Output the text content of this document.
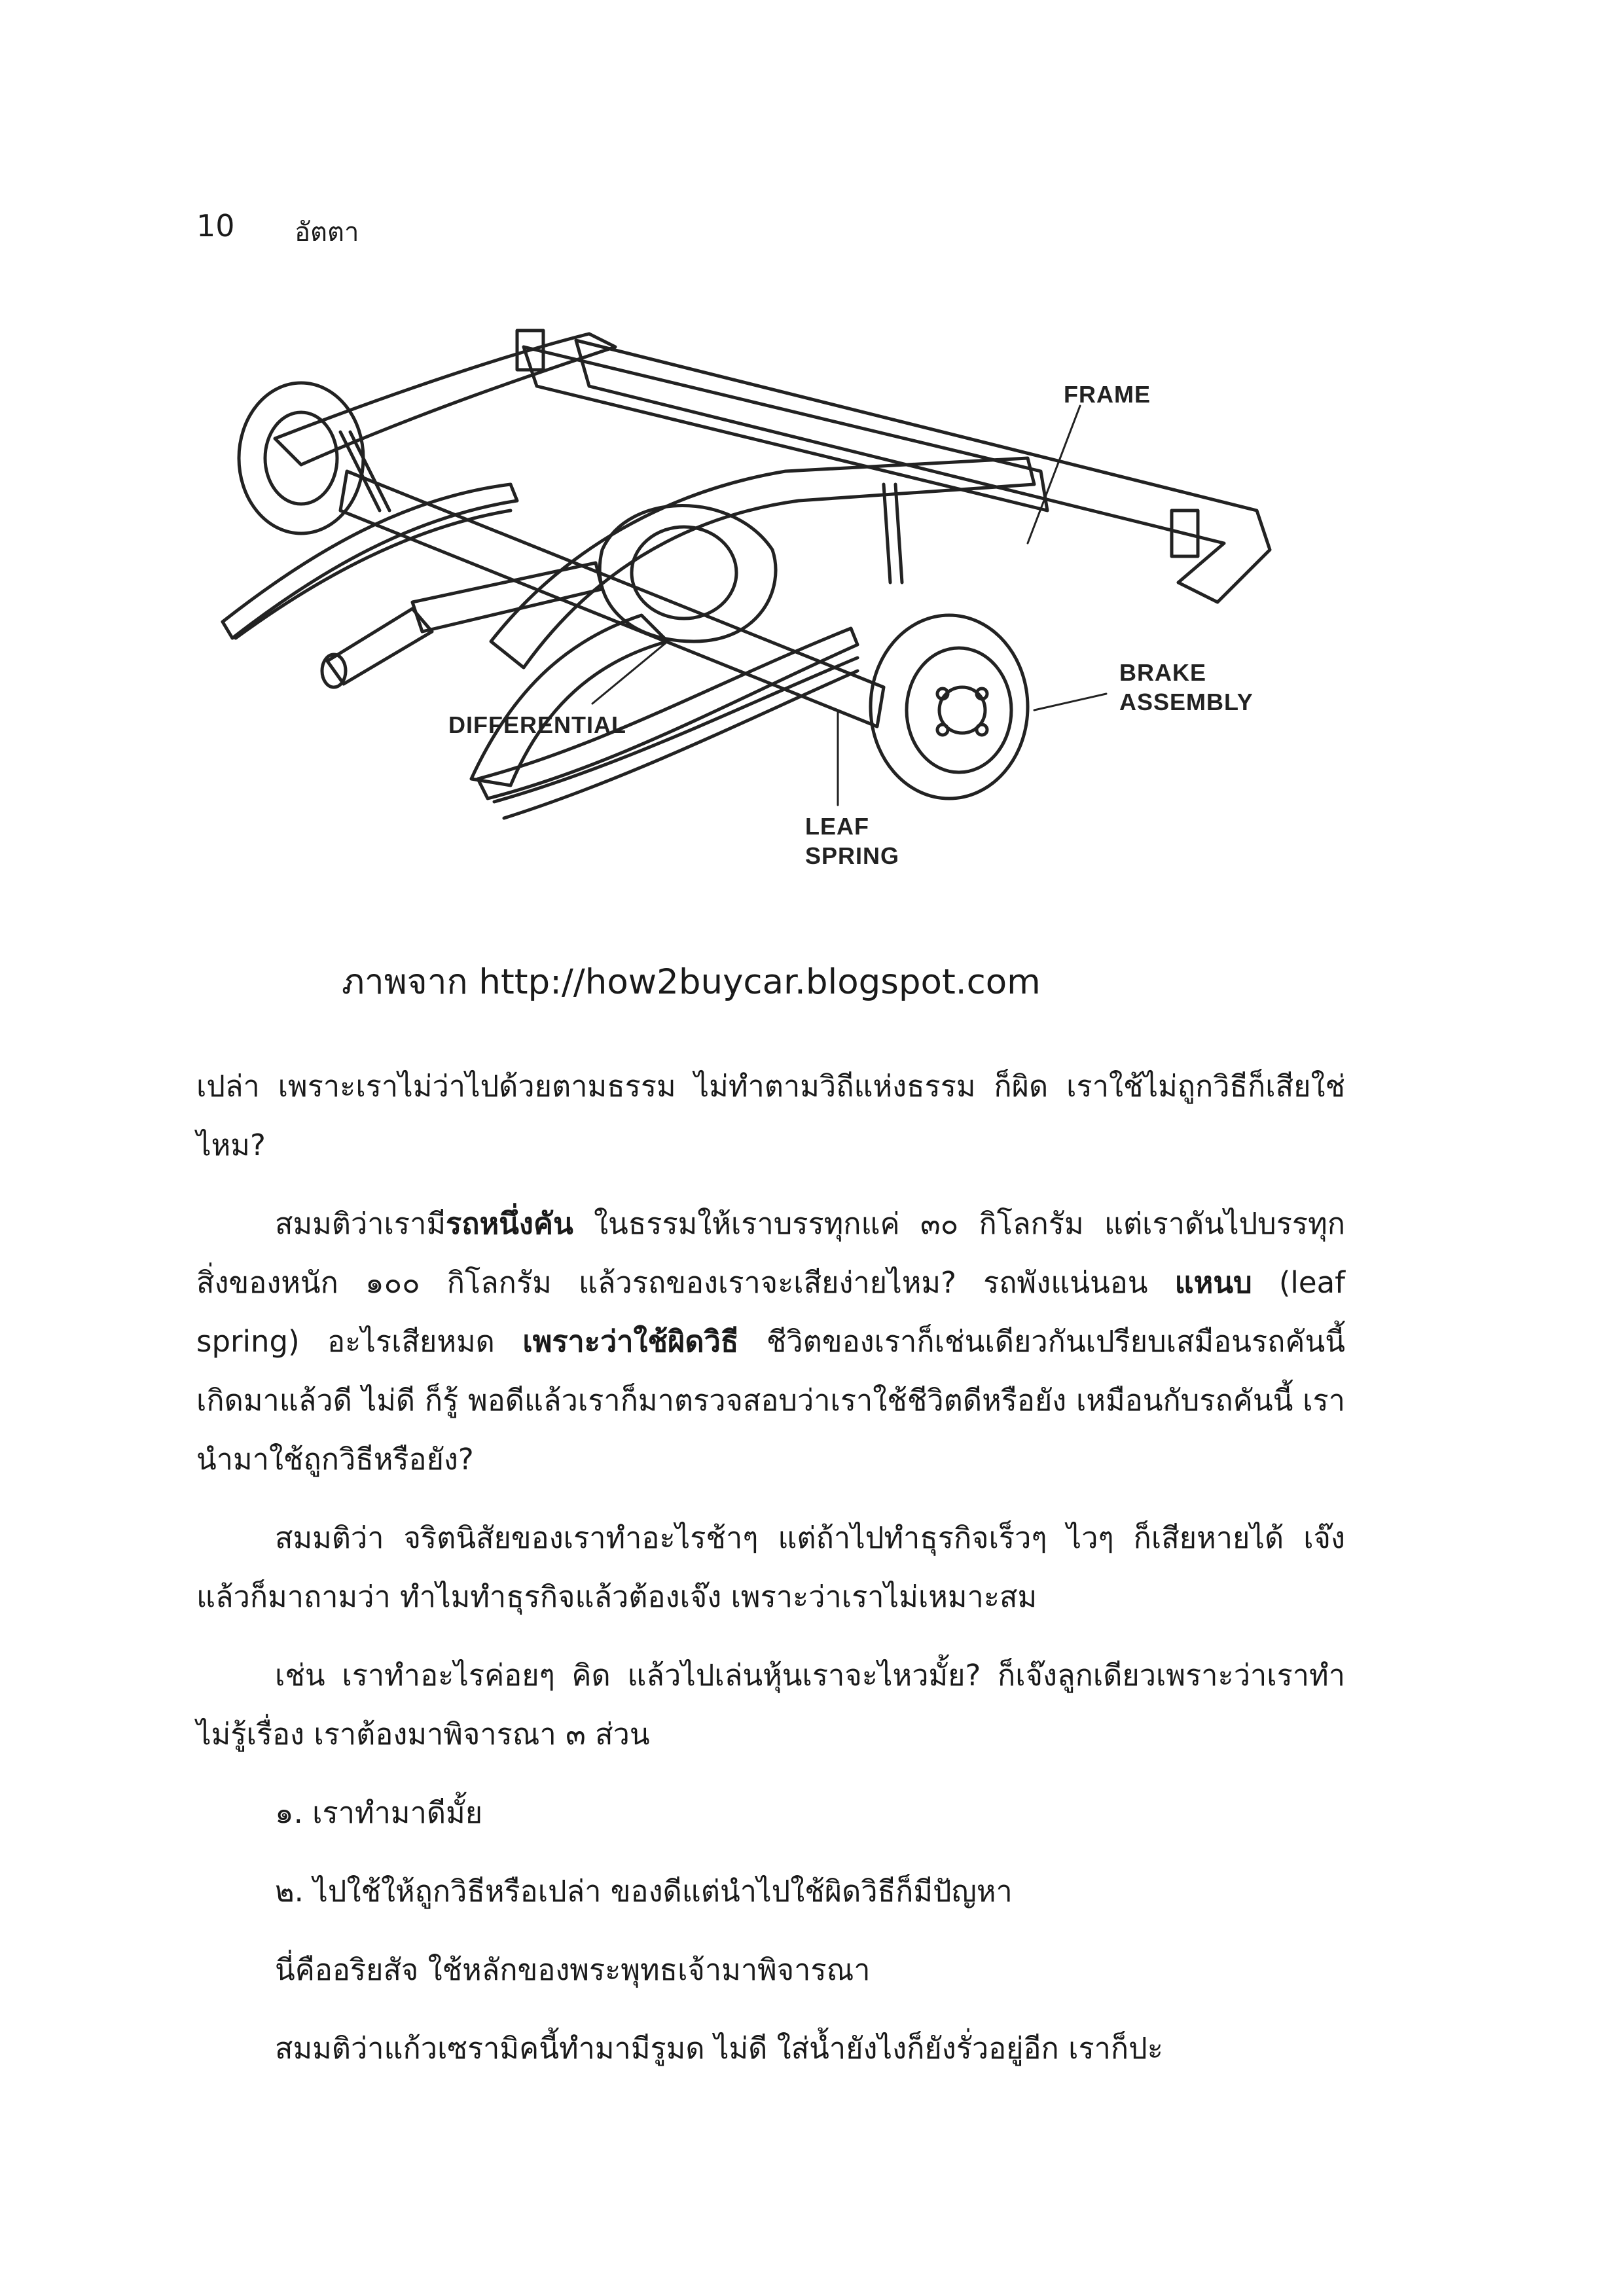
10 อัตตา
FRAME
BRAKE
ASSEMBLY
DIFFERENTIAL
LEAF
SPRING
ภาพจาก http://how2buycar.blogspot.com

เปล่า เพราะเราไม่ว่าไปด้วยตามธรรม ไม่ทำตามวิถีแห่งธรรม ก็ผิด เราใช้ไม่ถูกวิธีก็เสียใช่ไหม?

สมมติว่าเรามีรถหนึ่งคัน ในธรรมให้เราบรรทุกแค่ ๓๐ กิโลกรัม แต่เราดันไปบรรทุกสิ่งของหนัก ๑๐๐ กิโลกรัม แล้วรถของเราจะเสียง่ายไหม? รถพังแน่นอน แหนบ (leaf spring) อะไรเสียหมด เพราะว่าใช้ผิดวิธี ชีวิตของเราก็เช่นเดียวกันเปรียบเสมือนรถคันนี้ เกิดมาแล้วดี ไม่ดี ก็รู้ พอดีแล้วเราก็มาตรวจสอบว่าเราใช้ชีวิตดีหรือยัง เหมือนกับรถคันนี้ เรานำมาใช้ถูกวิธีหรือยัง?

สมมติว่า จริตนิสัยของเราทำอะไรช้าๆ แต่ถ้าไปทำธุรกิจเร็วๆ ไวๆ ก็เสียหายได้ เจ๊ง แล้วก็มาถามว่า ทำไมทำธุรกิจแล้วต้องเจ๊ง เพราะว่าเราไม่เหมาะสม

เช่น เราทำอะไรค่อยๆ คิด แล้วไปเล่นหุ้นเราจะไหวมั้ย? ก็เจ๊งลูกเดียวเพราะว่าเราทำไม่รู้เรื่อง เราต้องมาพิจารณา ๓ ส่วน

๑. เราทำมาดีมั้ย

๒. ไปใช้ให้ถูกวิธีหรือเปล่า ของดีแต่นำไปใช้ผิดวิธีก็มีปัญหา

นี่คืออริยสัจ ใช้หลักของพระพุทธเจ้ามาพิจารณา

สมมติว่าแก้วเซรามิคนี้ทำมามีรูมด ไม่ดี ใส่น้ำยังไงก็ยังรั่วอยู่อีก เราก็ปะ
